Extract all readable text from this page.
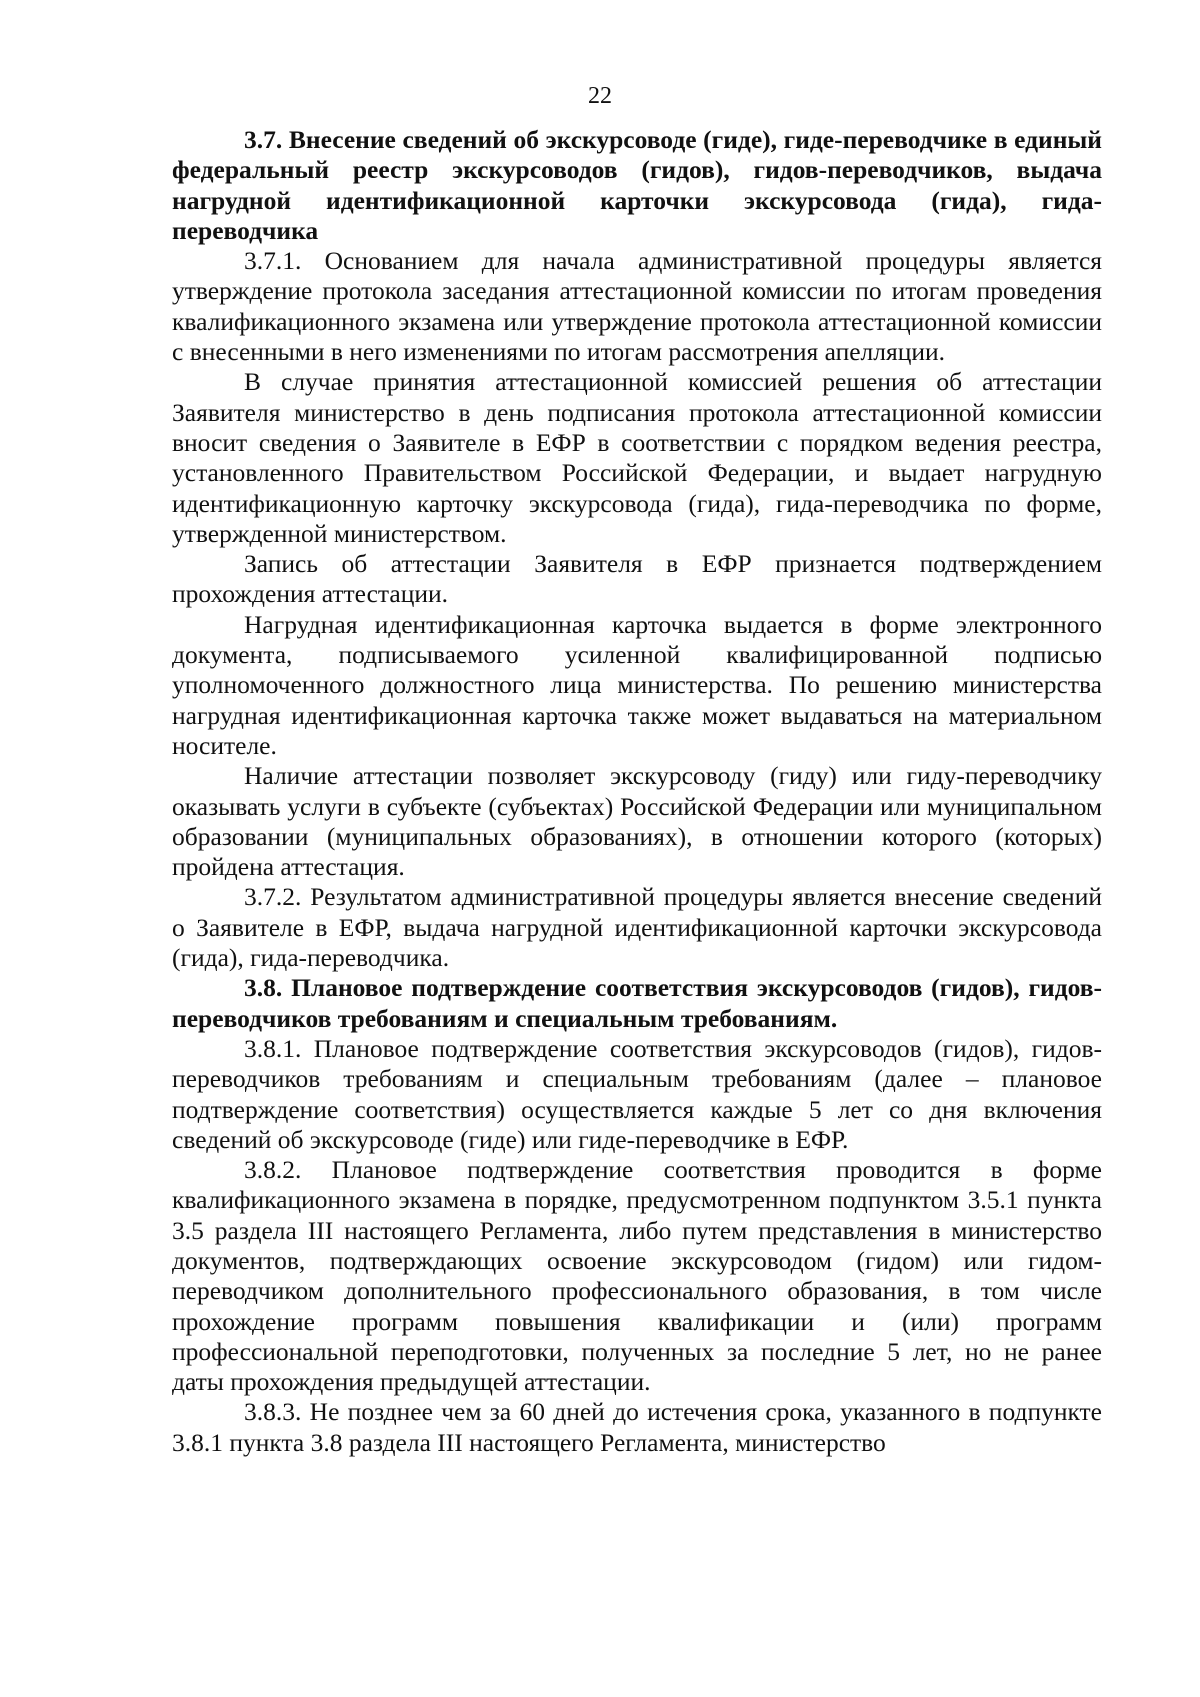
22

3.7. Внесение сведений об экскурсоводе (гиде), гиде-переводчике в единый федеральный реестр экскурсоводов (гидов), гидов-переводчиков, выдача нагрудной идентификационной карточки экскурсовода (гида), гида-переводчика

3.7.1. Основанием для начала административной процедуры является утверждение протокола заседания аттестационной комиссии по итогам проведения квалификационного экзамена или утверждение протокола аттестационной комиссии с внесенными в него изменениями по итогам рассмотрения апелляции.

В случае принятия аттестационной комиссией решения об аттестации Заявителя министерство в день подписания протокола аттестационной комиссии вносит сведения о Заявителе в ЕФР в соответствии с порядком ведения реестра, установленного Правительством Российской Федерации, и выдает нагрудную идентификационную карточку экскурсовода (гида), гида-переводчика по форме, утвержденной министерством.

Запись об аттестации Заявителя в ЕФР признается подтверждением прохождения аттестации.

Нагрудная идентификационная карточка выдается в форме электронного документа, подписываемого усиленной квалифицированной подписью уполномоченного должностного лица министерства. По решению министерства нагрудная идентификационная карточка также может выдаваться на материальном носителе.

Наличие аттестации позволяет экскурсоводу (гиду) или гиду-переводчику оказывать услуги в субъекте (субъектах) Российской Федерации или муниципальном образовании (муниципальных образованиях), в отношении которого (которых) пройдена аттестация.

3.7.2. Результатом административной процедуры является внесение сведений о Заявителе в ЕФР, выдача нагрудной идентификационной карточки экскурсовода (гида), гида-переводчика.

3.8. Плановое подтверждение соответствия экскурсоводов (гидов), гидов-переводчиков требованиям и специальным требованиям.

3.8.1. Плановое подтверждение соответствия экскурсоводов (гидов), гидов-переводчиков требованиям и специальным требованиям (далее – плановое подтверждение соответствия) осуществляется каждые 5 лет со дня включения сведений об экскурсоводе (гиде) или гиде-переводчике в ЕФР.

3.8.2. Плановое подтверждение соответствия проводится в форме квалификационного экзамена в порядке, предусмотренном подпунктом 3.5.1 пункта 3.5 раздела III настоящего Регламента, либо путем представления в министерство документов, подтверждающих освоение экскурсоводом (гидом) или гидом-переводчиком дополнительного профессионального образования, в том числе прохождение программ повышения квалификации и (или) программ профессиональной переподготовки, полученных за последние 5 лет, но не ранее даты прохождения предыдущей аттестации.

3.8.3. Не позднее чем за 60 дней до истечения срока, указанного в подпункте 3.8.1 пункта 3.8 раздела III настоящего Регламента, министерство
